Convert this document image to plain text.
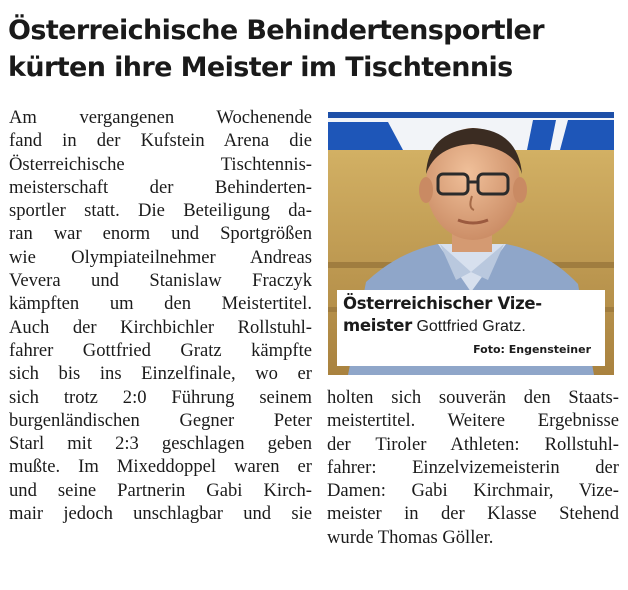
Österreichische Behindertensportler
kürten ihre Meister im Tischtennis
Am vergangenen Wochenende
fand in der Kufstein Arena die
Österreichische Tischtennis-
meisterschaft der Behinderten-
sportler statt. Die Beteiligung da-
ran war enorm und Sportgrößen
wie Olympiateilnehmer Andreas
Vevera und Stanislaw Fraczyk
kämpften um den Meistertitel.
Auch der Kirchbichler Rollstuhl-
fahrer Gottfried Gratz kämpfte
sich bis ins Einzelfinale, wo er
sich trotz 2:0 Führung seinem
burgenländischen Gegner Peter
Starl mit 2:3 geschlagen geben
mußte. Im Mixeddoppel waren er
und seine Partnerin Gabi Kirch-
mair jedoch unschlagbar und sie
Österreichischer Vize-
meister Gottfried Gratz.
Foto: Engensteiner
holten sich souverän den Staats-
meistertitel. Weitere Ergebnisse
der Tiroler Athleten: Rollstuhl-
fahrer: Einzelvizemeisterin der
Damen: Gabi Kirchmair, Vize-
meister in der Klasse Stehend
wurde Thomas Göller.
